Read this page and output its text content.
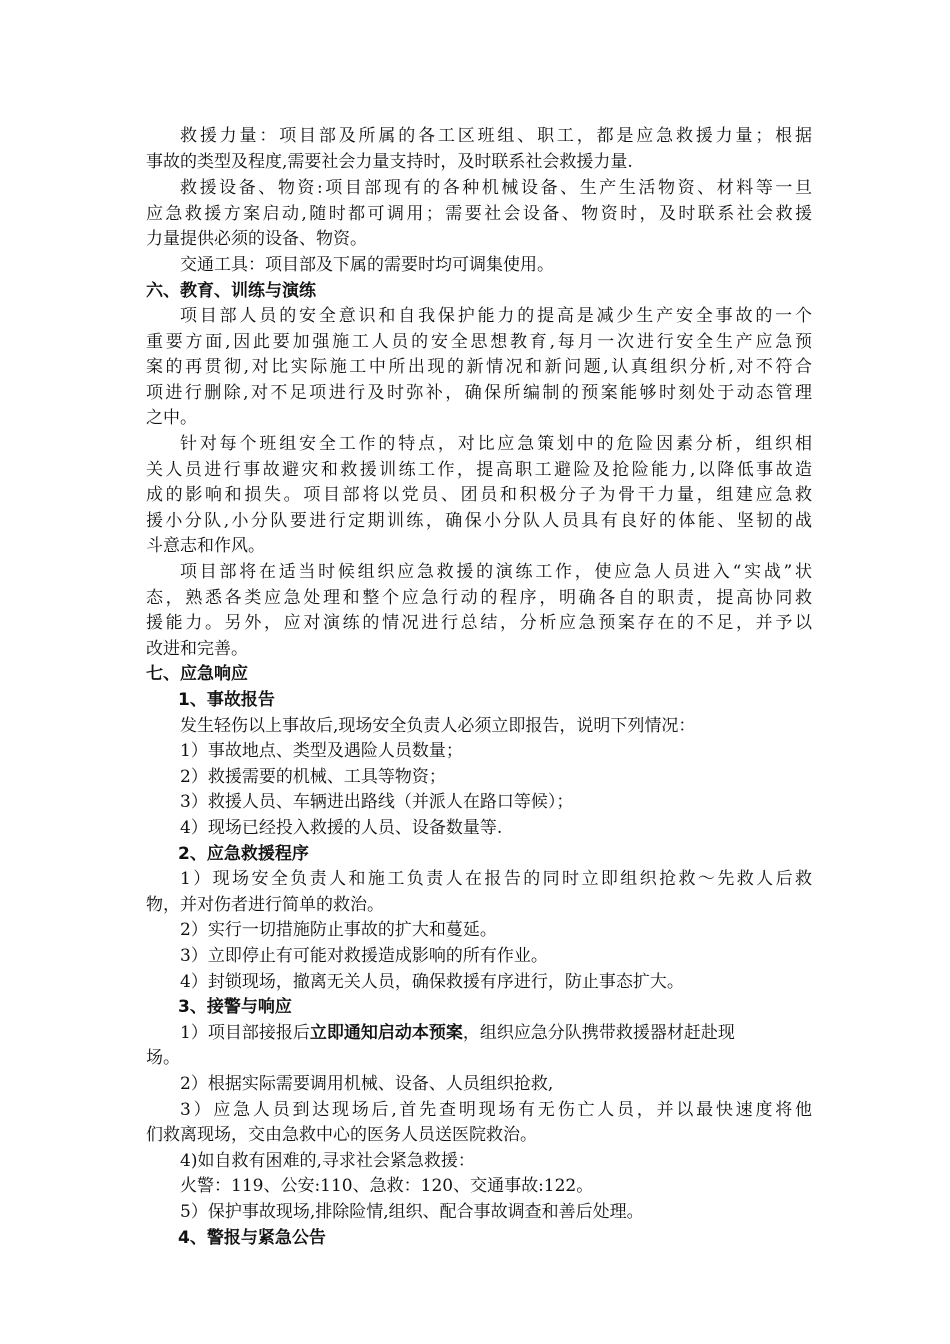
救援力量：项目部及所属的各工区班组、职工，都是应急救援力量；根据
事故的类型及程度,需要社会力量支持时，及时联系社会救援力量.
救援设备、物资:项目部现有的各种机械设备、生产生活物资、材料等一旦
应急救援方案启动,随时都可调用；需要社会设备、物资时，及时联系社会救援
力量提供必须的设备、物资。
交通工具：项目部及下属的需要时均可调集使用。
六、教育、训练与演练
项目部人员的安全意识和自我保护能力的提高是减少生产安全事故的一个
重要方面,因此要加强施工人员的安全思想教育,每月一次进行安全生产应急预
案的再贯彻,对比实际施工中所出现的新情况和新问题,认真组织分析,对不符合
项进行删除,对不足项进行及时弥补，确保所编制的预案能够时刻处于动态管理
之中。
针对每个班组安全工作的特点，对比应急策划中的危险因素分析，组织相
关人员进行事故避灾和救援训练工作，提高职工避险及抢险能力,以降低事故造
成的影响和损失。项目部将以党员、团员和积极分子为骨干力量，组建应急救
援小分队,小分队要进行定期训练，确保小分队人员具有良好的体能、坚韧的战
斗意志和作风。
项目部将在适当时候组织应急救援的演练工作，使应急人员进入“实战”状
态，熟悉各类应急处理和整个应急行动的程序，明确各自的职责，提高协同救
援能力。另外，应对演练的情况进行总结，分析应急预案存在的不足，并予以
改进和完善。
七、应急响应
1、事故报告
发生轻伤以上事故后,现场安全负责人必须立即报告，说明下列情况：
1）事故地点、类型及遇险人员数量；
2）救援需要的机械、工具等物资；
3）救援人员、车辆进出路线（并派人在路口等候）；
4）现场已经投入救援的人员、设备数量等.
2、应急救援程序
1）现场安全负责人和施工负责人在报告的同时立即组织抢救～先救人后救
物，并对伤者进行简单的救治。
2）实行一切措施防止事故的扩大和蔓延。
3）立即停止有可能对救援造成影响的所有作业。
4）封锁现场，撤离无关人员，确保救援有序进行，防止事态扩大。
3、接警与响应
1）项目部接报后立即通知启动本预案，组织应急分队携带救援器材赶赴现
场。
2）根据实际需要调用机械、设备、人员组织抢救,
3）应急人员到达现场后,首先查明现场有无伤亡人员，并以最快速度将他
们救离现场，交由急救中心的医务人员送医院救治。
4)如自救有困难的,寻求社会紧急救援：
火警：119、公安:110、急救：120、交通事故:122。
5）保护事故现场,排除险情,组织、配合事故调查和善后处理。
4、警报与紧急公告
